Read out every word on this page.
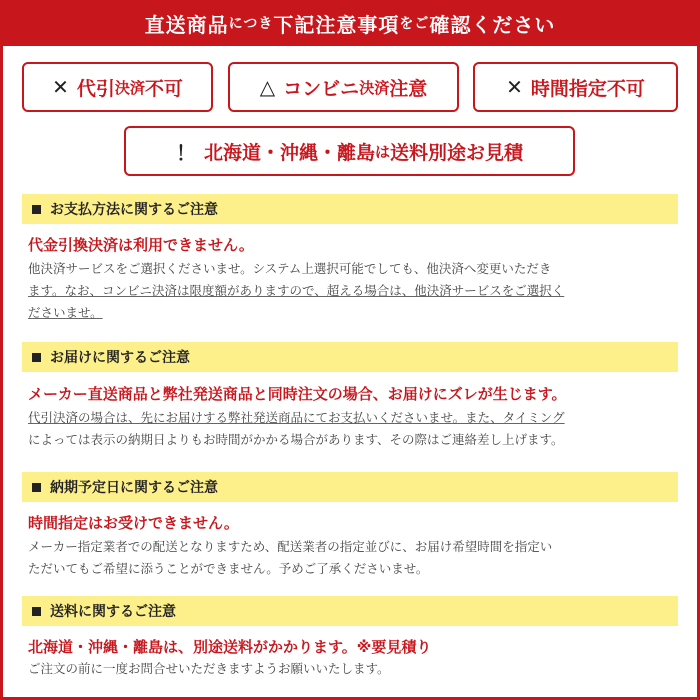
直送商品 につき 下記注意事項 をご 確認ください
✕ 代引 決済 不可	△ コンビニ 決済 注意	✕ 時間指定不可
！ 北海道・沖縄・離島 は 送料別途お見積
お支払方法に関するご注意
代金引換決済は利用できません。
他決済サービスをご選択くださいませ。システム上選択可能でしても、他決済へ変更いただき
ます。なお、コンビニ決済は限度額がありますので、超える場合は、他決済サービスをご選択く
ださいませ。
お届けに関するご注意
メーカー直送商品と弊社発送商品と同時注文の場合、お届けにズレが生じます。
代引決済の場合は、先にお届けする弊社発送商品にてお支払いくださいませ。また、タイミング
によっては表示の納期日よりもお時間がかかる場合があります、その際はご連絡差し上げます。
納期予定日に関するご注意
時間指定はお受けできません。
メーカー指定業者での配送となりますため、配送業者の指定並びに、お届け希望時間を指定い
ただいてもご希望に添うことができません。予めご了承くださいませ。
送料に関するご注意
北海道・沖縄・離島は、別途送料がかかります。※要見積り
ご注文の前に一度お問合せいただきますようお願いいたします。
